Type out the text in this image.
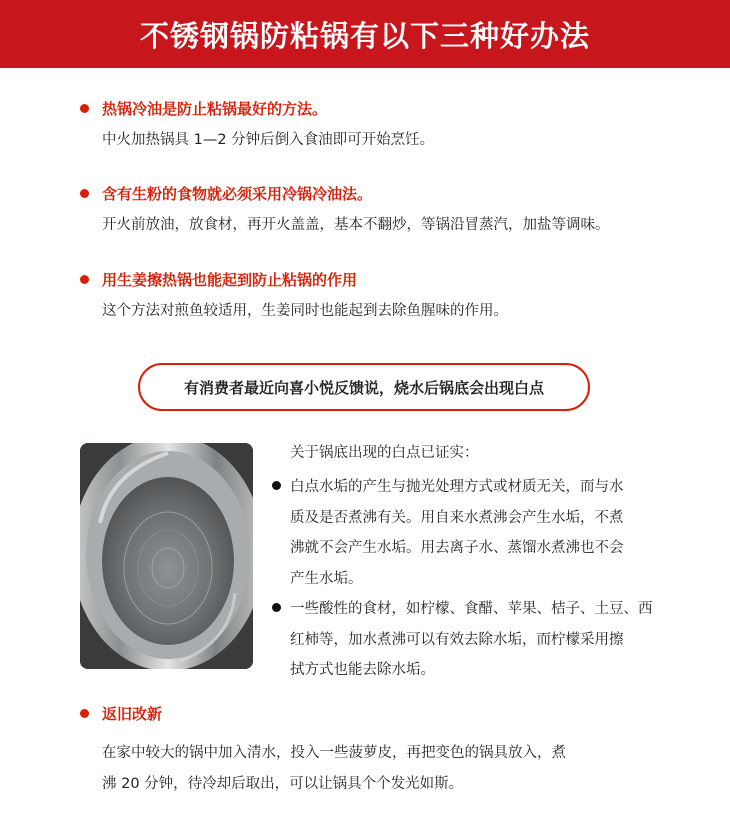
不锈钢锅防粘锅有以下三种好办法
热锅冷油是防止粘锅最好的方法。
中火加热锅具 1—2 分钟后倒入食油即可开始烹饪。
含有生粉的食物就必须采用冷锅冷油法。
开火前放油，放食材，再开火盖盖，基本不翻炒，等锅沿冒蒸汽，加盐等调味。
用生姜擦热锅也能起到防止粘锅的作用
这个方法对煎鱼较适用，生姜同时也能起到去除鱼腥味的作用。
有消费者最近向喜小悦反馈说，烧水后锅底会出现白点
关于锅底出现的白点已证实：
白点水垢的产生与抛光处理方式或材质无关，而与水
质及是否煮沸有关。用自来水煮沸会产生水垢，不煮
沸就不会产生水垢。用去离子水、蒸馏水煮沸也不会
产生水垢。
一些酸性的食材，如柠檬、食醋、苹果、桔子、土豆、西
红柿等，加水煮沸可以有效去除水垢，而柠檬采用擦
拭方式也能去除水垢。
返旧改新
在家中较大的锅中加入清水，投入一些菠萝皮，再把变色的锅具放入，煮
沸 20 分钟，待冷却后取出，可以让锅具个个发光如斯。
